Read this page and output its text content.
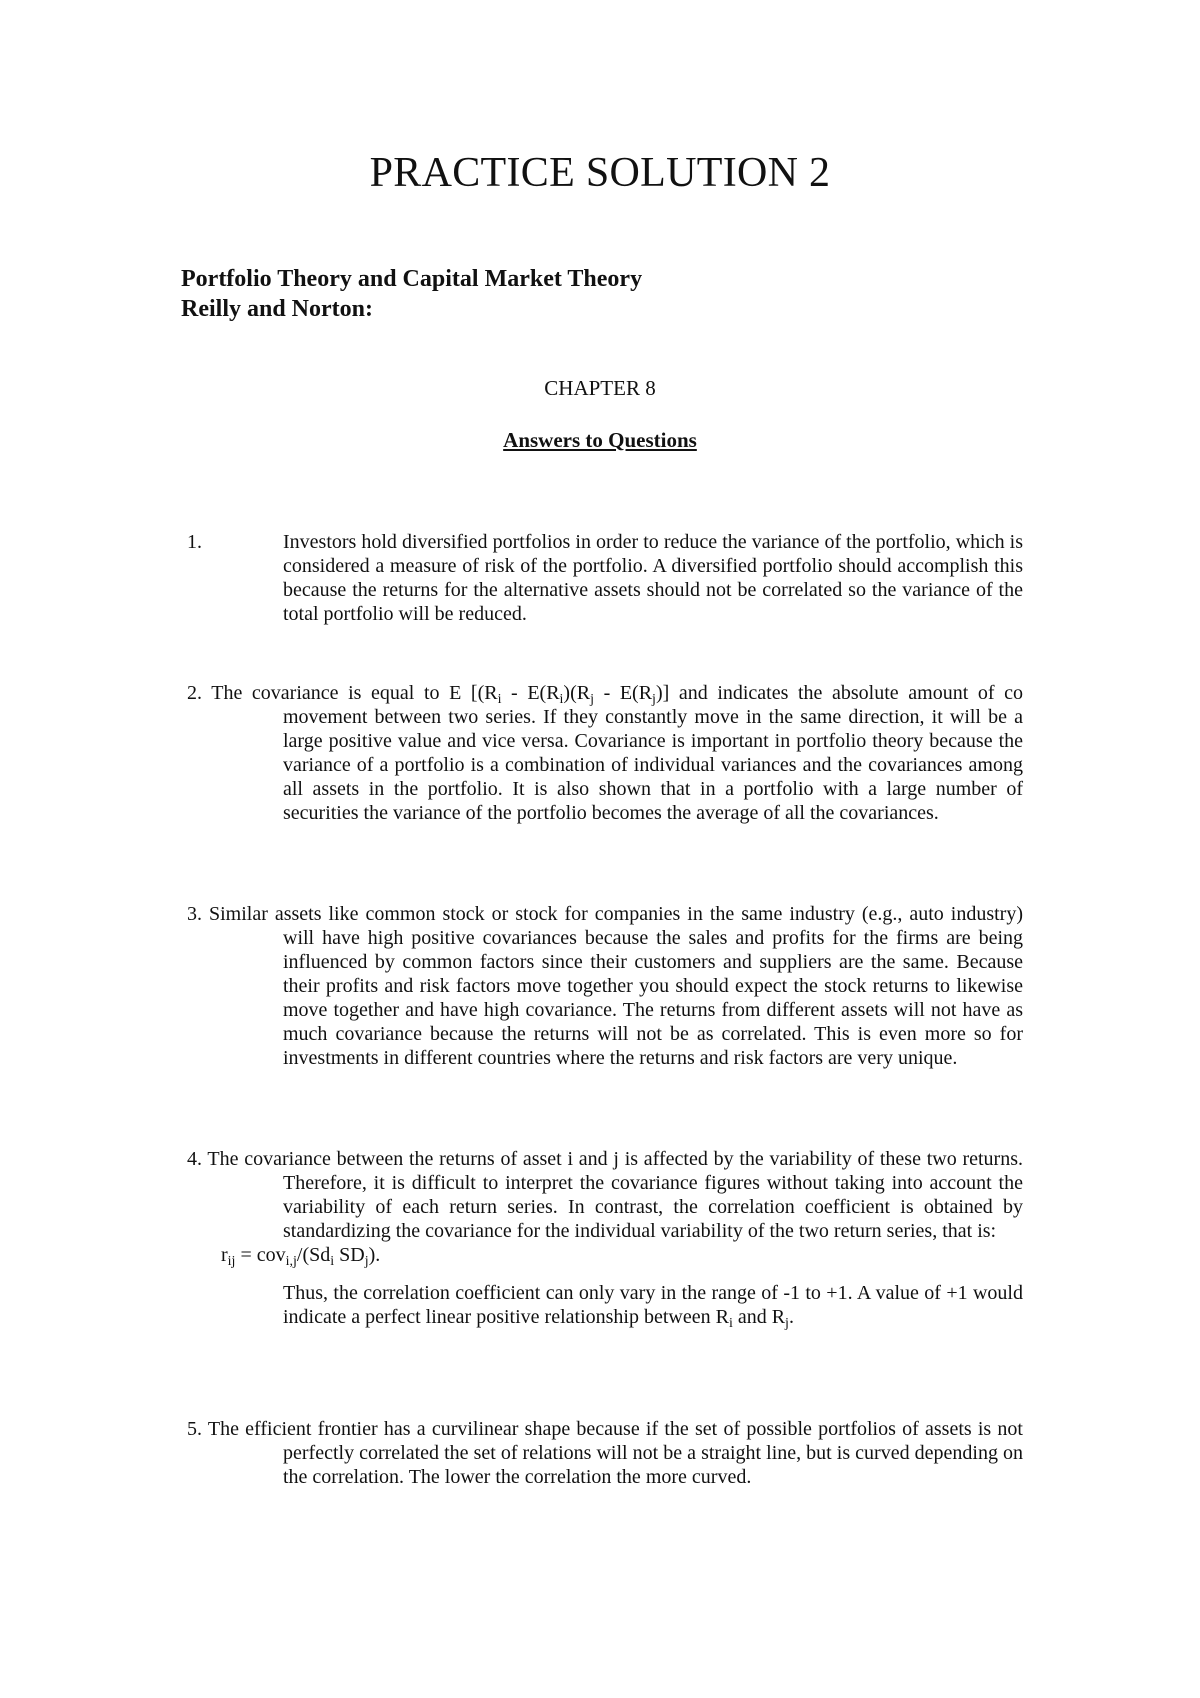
PRACTICE SOLUTION 2
Portfolio Theory and Capital Market Theory
Reilly and Norton:
CHAPTER 8
Answers to Questions
1.	Investors hold diversified portfolios in order to reduce the variance of the portfolio, which is considered a measure of risk of the portfolio. A diversified portfolio should accomplish this because the returns for the alternative assets should not be correlated so the variance of the total portfolio will be reduced.

2. The covariance is equal to E [($R_i - E(R_i)(R_j - E(R_j)]$ and indicates the absolute amount of co movement between two series. If they constantly move in the same direction, it will be a large positive value and vice versa. Covariance is important in portfolio theory because the variance of a portfolio is a combination of individual variances and the covariances among all assets in the portfolio. It is also shown that in a portfolio with a large number of securities the variance of the portfolio becomes the average of all the covariances.

3. Similar assets like common stock or stock for companies in the same industry (e.g., auto industry) will have high positive covariances because the sales and profits for the firms are being influenced by common factors since their customers and suppliers are the same. Because their profits and risk factors move together you should expect the stock returns to likewise move together and have high covariance. The returns from different assets will not have as much covariance because the returns will not be as correlated. This is even more so for investments in different countries where the returns and risk factors are very unique.

4. The covariance between the returns of asset i and j is affected by the variability of these two returns. Therefore, it is difficult to interpret the covariance figures without taking into account the variability of each return series. In contrast, the correlation coefficient is obtained by standardizing the covariance for the individual variability of the two return series, that is:

$r_{ij} = cov_{i,j}/(Sd_i$ $SD_j$).
Thus, the correlation coefficient can only vary in the range of -1 to +1. A value of +1 would indicate a perfect linear positive relationship between $R_i$ and $R_j$.

5. The efficient frontier has a curvilinear shape because if the set of possible portfolios of assets is not perfectly correlated the set of relations will not be a straight line, but is curved depending on the correlation. The lower the correlation the more curved.
